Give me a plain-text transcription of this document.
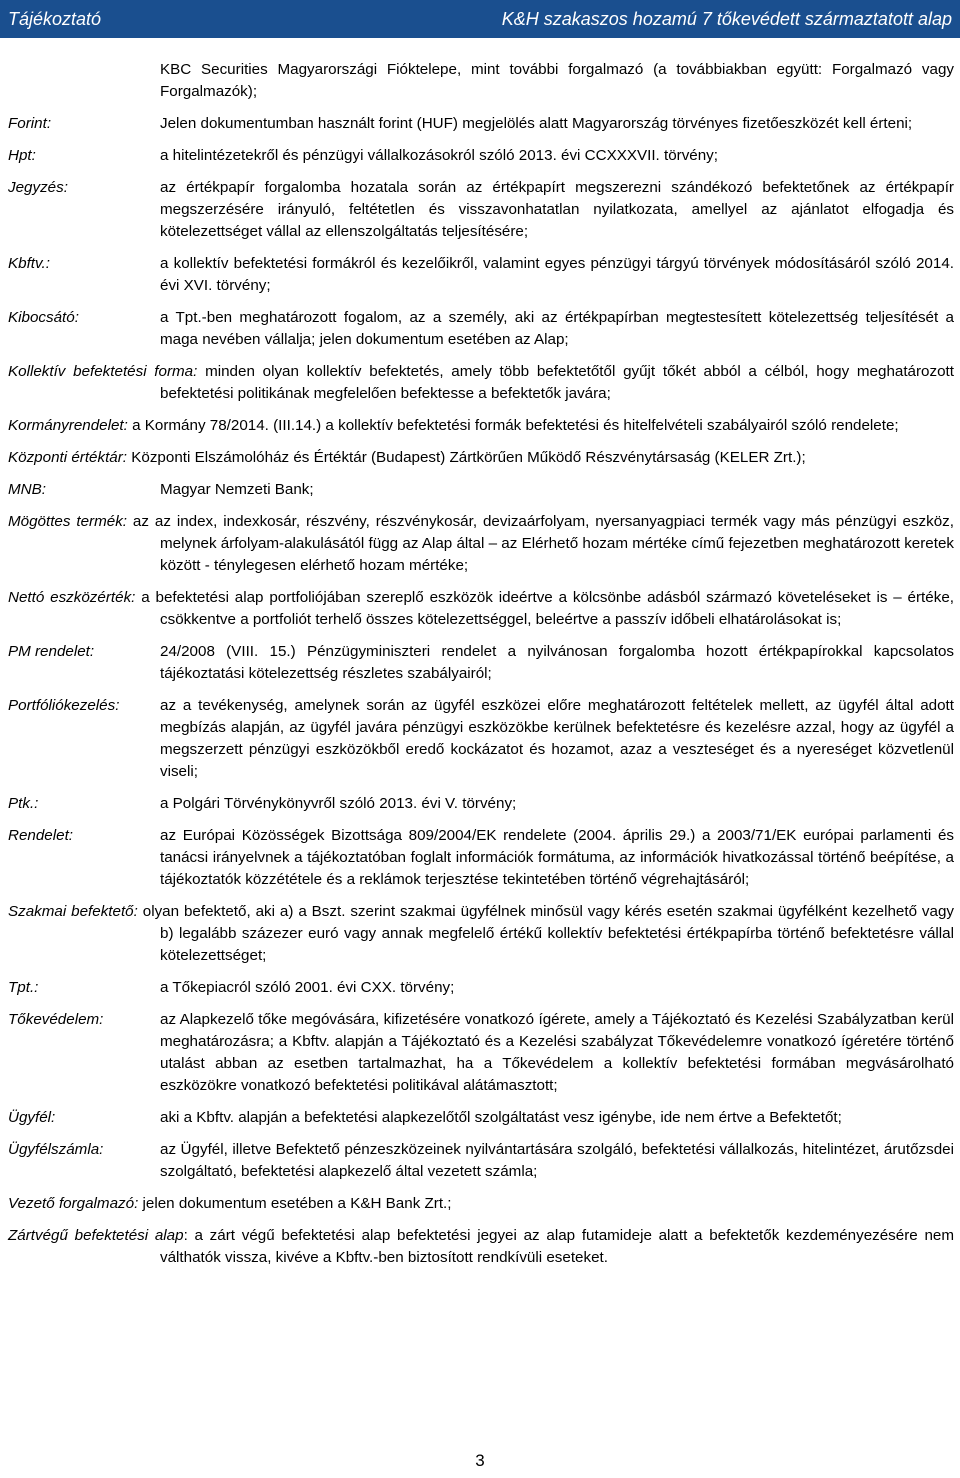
Tájékoztató	K&H szakaszos hozamú 7 tőkevédett származtatott alap
KBC Securities Magyarországi Fióktelepe, mint további forgalmazó (a továbbiakban együtt: Forgalmazó vagy Forgalmazók);
Forint:	Jelen dokumentumban használt forint (HUF) megjelölés alatt Magyarország törvényes fizetőeszközét kell érteni;
Hpt:	a hitelintézetekről és pénzügyi vállalkozásokról szóló 2013. évi CCXXXVII. törvény;
Jegyzés:	az értékpapír forgalomba hozatala során az értékpapírt megszerezni szándékozó befektetőnek az értékpapír megszerzésére irányuló, feltétetlen és visszavonhatatlan nyilatkozata, amellyel az ajánlatot elfogadja és kötelezettséget vállal az ellenszolgáltatás teljesítésére;
Kbftv.:	a kollektív befektetési formákról és kezelőikről, valamint egyes pénzügyi tárgyú törvények módosításáról szóló 2014. évi XVI. törvény;
Kibocsátó:	a Tpt.-ben meghatározott fogalom, az a személy, aki az értékpapírban megtestesített kötelezettség teljesítését a maga nevében vállalja; jelen dokumentum esetében az Alap;
Kollektív befektetési forma: minden olyan kollektív befektetés, amely több befektetőtől gyűjt tőkét abból a célból, hogy meghatározott befektetési politikának megfelelően befektesse a befektetők javára;
Kormányrendelet: a Kormány 78/2014. (III.14.) a kollektív befektetési formák befektetési és hitelfelvételi szabályairól szóló rendelete;
Központi értéktár: Központi Elszámolóház és Értéktár (Budapest) Zártkörűen Működő Részvénytársaság (KELER Zrt.);
MNB:	Magyar Nemzeti Bank;
Mögöttes termék: az az index, indexkosár, részvény, részvénykosár, devizaárfolyam, nyersanyagpiaci termék vagy más pénzügyi eszköz, melynek árfolyam-alakulásától függ az Alap által – az Elérhető hozam mértéke című fejezetben meghatározott keretek között - ténylegesen elérhető hozam mértéke;
Nettó eszközérték: a befektetési alap portfoliójában szereplő eszközök ideértve a kölcsönbe adásból származó követeléseket is – értéke, csökkentve a portfoliót terhelő összes kötelezettséggel, beleértve a passzív időbeli elhatárolásokat is;
PM rendelet:	24/2008 (VIII. 15.) Pénzügyminiszteri rendelet a nyilvánosan forgalomba hozott értékpapírokkal kapcsolatos tájékoztatási kötelezettség részletes szabályairól;
Portfóliókezelés:	az a tevékenység, amelynek során az ügyfél eszközei előre meghatározott feltételek mellett, az ügyfél által adott megbízás alapján, az ügyfél javára pénzügyi eszközökbe kerülnek befektetésre és kezelésre azzal, hogy az ügyfél a megszerzett pénzügyi eszközökből eredő kockázatot és hozamot, azaz a veszteséget és a nyereséget közvetlenül viseli;
Ptk.:	a Polgári Törvénykönyvről szóló 2013. évi V. törvény;
Rendelet:	az Európai Közösségek Bizottsága 809/2004/EK rendelete (2004. április 29.) a 2003/71/EK európai parlamenti és tanácsi irányelvnek a tájékoztatóban foglalt információk formátuma, az információk hivatkozással történő beépítése, a tájékoztatók közzététele és a reklámok terjesztése tekintetében történő végrehajtásáról;
Szakmai befektető: olyan befektető, aki a) a Bszt. szerint szakmai ügyfélnek minősül vagy kérés esetén szakmai ügyfélként kezelhető vagy b) legalább százezer euró vagy annak megfelelő értékű kollektív befektetési értékpapírba történő befektetésre vállal kötelezettséget;
Tpt.:	a Tőkepiacról szóló 2001. évi CXX. törvény;
Tőkevédelem:	az Alapkezelő tőke megóvására, kifizetésére vonatkozó ígérete, amely a Tájékoztató és Kezelési Szabályzatban kerül meghatározásra; a Kbftv. alapján a Tájékoztató és a Kezelési szabályzat Tőkevédelemre vonatkozó ígéretére történő utalást abban az esetben tartalmazhat, ha a Tőkevédelem a kollektív befektetési formában megvásárolható eszközökre vonatkozó befektetési politikával alátámasztott;
Ügyfél:	aki a Kbftv. alapján a befektetési alapkezelőtől szolgáltatást vesz igénybe, ide nem értve a Befektetőt;
Ügyfélszámla:	az Ügyfél, illetve Befektető pénzeszközeinek nyilvántartására szolgáló, befektetési vállalkozás, hitelintézet, árutőzsdei szolgáltató, befektetési alapkezelő által vezetett számla;
Vezető forgalmazó: jelen dokumentum esetében a K&H Bank Zrt.;
Zártvégű befektetési alap: a zárt végű befektetési alap befektetési jegyei az alap futamideje alatt a befektetők kezdeményezésére nem válthatók vissza, kivéve a Kbftv.-ben biztosított rendkívüli eseteket.
3
